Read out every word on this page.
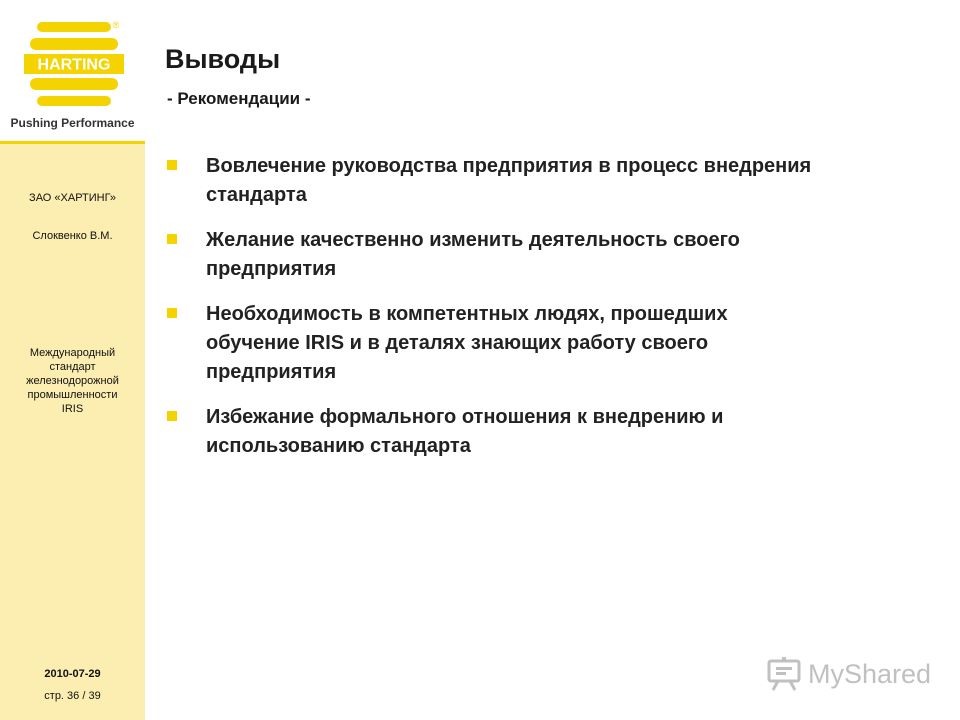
HARTING
®
Pushing Performance
ЗАО «ХАРТИНГ»
Слоквенко В.М.
Международный
стандарт
железнодорожной
промышленности
IRIS
2010-07-29
стр. 36 / 39
Выводы
- Рекомендации -
Вовлечение руководства предприятия в процесс внедрения
стандарта
Желание качественно изменить деятельность своего
предприятия
Необходимость в компетентных людях, прошедших
обучение IRIS и в деталях знающих работу своего
предприятия
Избежание формального отношения к внедрению и
использованию стандарта
MyShared
